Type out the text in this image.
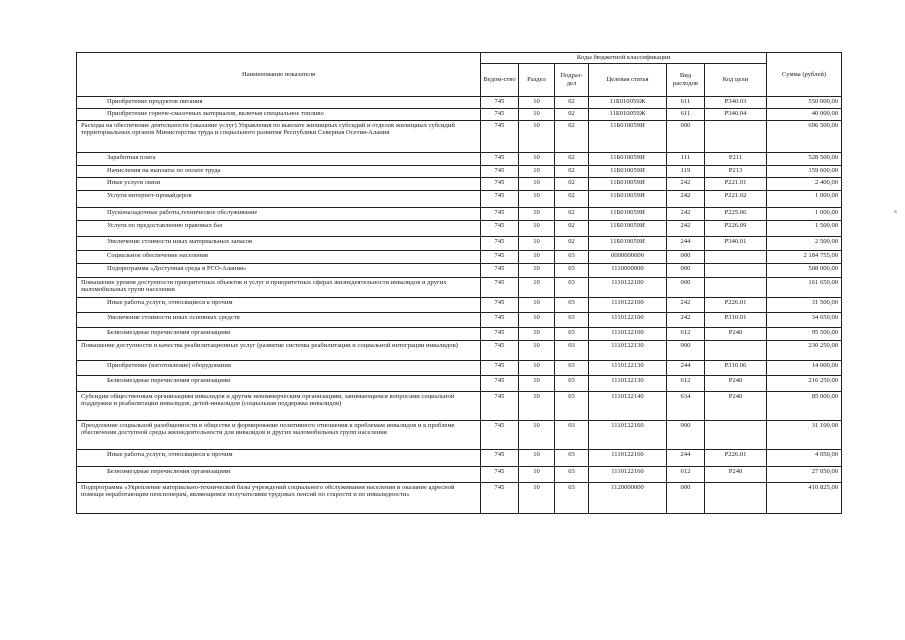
Наименование показателя	Коды бюджетной классификации						Сумма (рублей)
	Ведом-ство	Раздел	Подраз-дел	Целевая статья	Вид расходов	Код цели	
Приобретение продуктов питания	745	10	02	11Б010059Ж	611	Р340.03	550 000,00
Приобретение горюче-смазочных материалов, включая специальное топливо	745	10	02	11Б010059Ж	611	Р340.04	40 000,00
Расходы на обеспечение деятельности (оказание услуг) Управления по выплате жилищных субсидий и отделов жилищных субсидий территориальных органов Министерства труда и социального развития Республики Северная Осетия-Алания	745	10	02	11Б010059И	000		696 500,00
Заработная плата	745	10	02	11Б010059И	111	Р211	528 500,00
Начисления на выплаты по оплате труда	745	10	02	11Б010059И	119	Р213	159 600,00
Иные услуги связи	745	10	02	11Б010059И	242	Р221.01	2 400,00
Услуги интернет-провайдеров	745	10	02	11Б010059И	242	Р221.02	1 000,00
Пусконаладочные работы,техническое обслуживание	745	10	02	11Б010059И	242	Р225.06	1 000,00
Услуги по предоставлению правовых баз	745	10	02	11Б010059И	242	Р226.09	1 500,00
Увеличение стоимости иных материальных запасов	745	10	02	11Б010059И	244	Р340.01	2 500,00
Социальное обеспечение населения	745	10	03	0000000000	000		2 184 755,00
Подпрограмма «Доступная среда в РСО-Алания»	745	10	03	1110000000	000		508 000,00
Повышение уровня доступности приоритетных объектов и услуг в приоритетных сферах жизнедеятельности инвалидов и других маломобильных групп населения	745	10	03	1110122100	000		161 650,00
Иные работы,услуги, относящиеся к прочим	745	10	03	1110122100	242	Р226.01	31 500,00
Увеличение стоимости иных основных средств	745	10	03	1110122100	242	Р310.01	34 650,00
Безвозмездные перечисления организациям	745	10	03	1110122100	612	Р240	95 500,00
Повышение доступности и качества реабилитационных услуг (развитие системы реабилитации и социальной интеграции инвалидов)	745	10	03	1110122130	000		230 250,00
Приобретение (изготовление) оборудования	745	10	03	1110122130	244	Р310.06	14 000,00
Безвозмездные перечисления организациям	745	10	03	1110122130	612	Р240	216 250,00
Субсидии общественным организациям инвалидов и другим некоммерческим организациям, занимающимся вопросами социальной поддержки и реабилитации инвалидов, детей-инвалидов (социальная поддержка инвалидов)	745	10	03	1110122140	634	Р240	85 000,00
Преодоление социальной разобщенности в обществе и формирование позитивного отношения к проблемам инвалидов и к проблеме обеспечения доступной среды жизнедеятельности для инвалидов и других маломобильных групп населения	745	10	03	1110122160	000		31 100,00
Иные работы,услуги, относящиеся к прочим	745	10	03	1110122160	244	Р226.01	4 050,00
Безвозмездные перечисления организациям	745	10	03	1110122160	612	Р240	27 050,00
Подпрограмма «Укрепление материально-технической базы учреждений социального обслуживания населения и оказание адресной помощи неработающим пенсионерам, являющимся получателями трудовых пенсий по старости и по инвалидности»	745	10	03	1120000000	000		410 825,00
